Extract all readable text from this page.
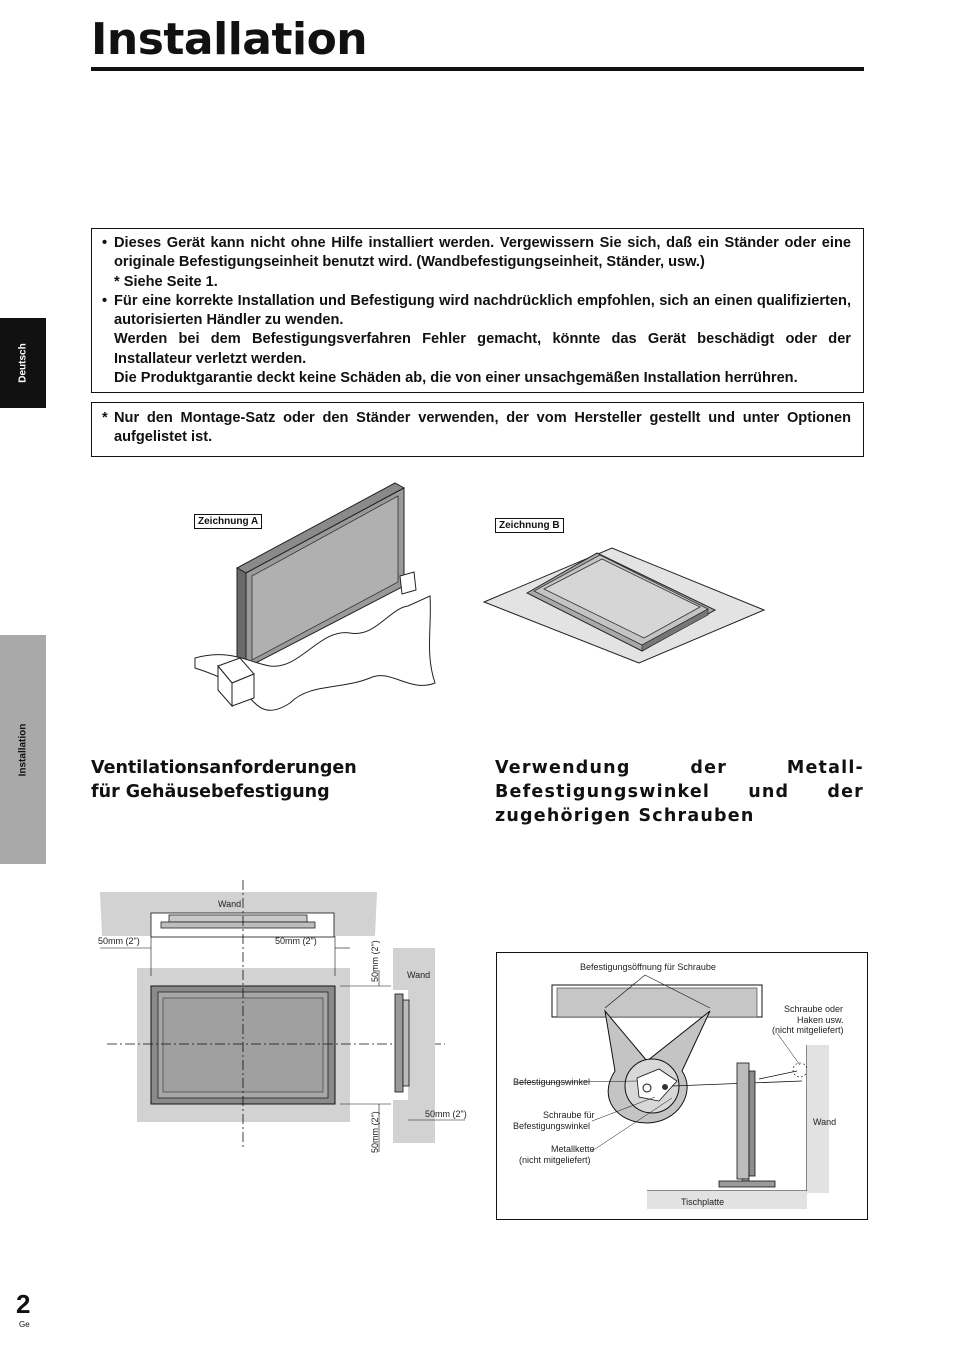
Installation
Deutsch
Installation
• Dieses Gerät kann nicht ohne Hilfe installiert werden. Vergewissern Sie sich, daß ein Ständer oder eine originale Befestigungseinheit benutzt wird. (Wandbefestigungseinheit, Ständer, usw.)

* Siehe Seite 1.

• Für eine korrekte Installation und Befestigung wird nachdrücklich empfohlen, sich an einen qualifizierten, autorisierten Händler zu wenden.

Werden bei dem Befestigungsverfahren Fehler gemacht, könnte das Gerät beschädigt oder der Installateur verletzt werden.

Die Produktgarantie deckt keine Schäden ab, die von einer unsachgemäßen Installation herrühren.

* Nur den Montage-Satz oder den Ständer verwenden, der vom Hersteller gestellt und unter Optionen aufgelistet ist.

Zeichnung A	Zeichnung B
Ventilationsanforderungen
für Gehäusebefestigung
Verwendung der Metall-
Befestigungswinkel und der
zugehörigen Schrauben
Wand
50mm (2")	50mm (2")
Wand
50mm (2")
50mm (2")
50mm (2")
Befestigungsöffnung für Schraube
Schraube oder
Haken usw.
(nicht mitgeliefert)
Befestigungswinkel
Schraube für
Befestigungswinkel
Metallkette
(nicht mitgeliefert)
Wand
Tischplatte

2

Ge
